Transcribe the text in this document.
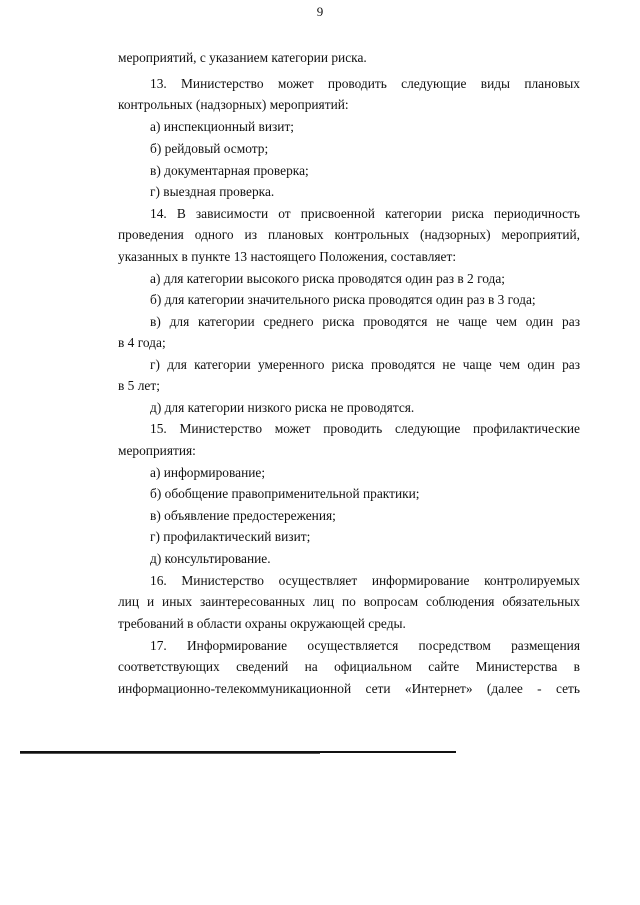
9
мероприятий, с указанием категории риска.
13. Министерство может проводить следующие виды плановых
контрольных (надзорных) мероприятий:
а) инспекционный визит;
б) рейдовый осмотр;
в) документарная проверка;
г) выездная проверка.
14. В зависимости от присвоенной категории риска периодичность
проведения одного из плановых контрольных (надзорных) мероприятий,
указанных в пункте 13 настоящего Положения, составляет:
а) для категории высокого риска проводятся один раз в 2 года;
б) для категории значительного риска проводятся один раз в 3 года;
в) для категории среднего риска проводятся не чаще чем один раз
в 4 года;
г) для категории умеренного риска проводятся не чаще чем один раз
в 5 лет;
д) для категории низкого риска не проводятся.
15. Министерство может проводить следующие профилактические
мероприятия:
а) информирование;
б) обобщение правоприменительной практики;
в) объявление предостережения;
г) профилактический визит;
д) консультирование.
16. Министерство осуществляет информирование контролируемых
лиц и иных заинтересованных лиц по вопросам соблюдения обязательных
требований в области охраны окружающей среды.
17. Информирование осуществляется посредством размещения
соответствующих сведений на официальном сайте Министерства в
информационно-телекоммуникационной сети «Интернет» (далее - сеть
